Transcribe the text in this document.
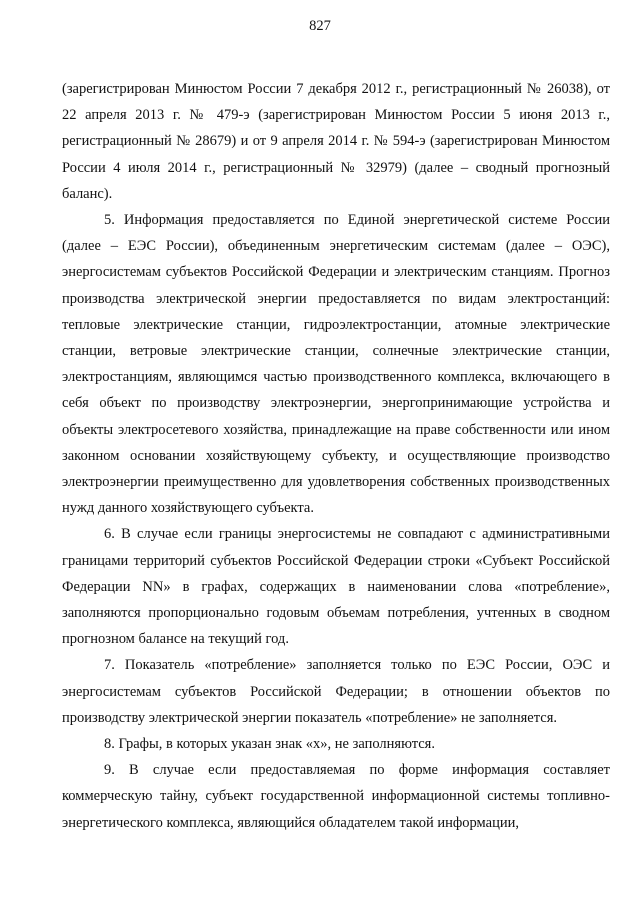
827

(зарегистрирован Минюстом России 7 декабря 2012 г., регистрационный № 26038), от 22 апреля 2013 г. № 479-э (зарегистрирован Минюстом России 5 июня 2013 г., регистрационный № 28679) и от 9 апреля 2014 г. № 594-э (зарегистрирован Минюстом России 4 июля 2014 г., регистрационный № 32979) (далее – сводный прогнозный баланс).

5. Информация предоставляется по Единой энергетической системе России (далее – ЕЭС России), объединенным энергетическим системам (далее – ОЭС), энергосистемам субъектов Российской Федерации и электрическим станциям. Прогноз производства электрической энергии предоставляется по видам электростанций: тепловые электрические станции, гидроэлектростанции, атомные электрические станции, ветровые электрические станции, солнечные электрические станции, электростанциям, являющимся частью производственного комплекса, включающего в себя объект по производству электроэнергии, энергопринимающие устройства и объекты электросетевого хозяйства, принадлежащие на праве собственности или ином законном основании хозяйствующему субъекту, и осуществляющие производство электроэнергии преимущественно для удовлетворения собственных производственных нужд данного хозяйствующего субъекта.

6. В случае если границы энергосистемы не совпадают с административными границами территорий субъектов Российской Федерации строки «Субъект Российской Федерации NN» в графах, содержащих в наименовании слова «потребление», заполняются пропорционально годовым объемам потребления, учтенных в сводном прогнозном балансе на текущий год.

7. Показатель «потребление» заполняется только по ЕЭС России, ОЭС и энергосистемам субъектов Российской Федерации; в отношении объектов по производству электрической энергии показатель «потребление» не заполняется.

8. Графы, в которых указан знак «х», не заполняются.

9. В случае если предоставляемая по форме информация составляет коммерческую тайну, субъект государственной информационной системы топливно-энергетического комплекса, являющийся обладателем такой информации,
